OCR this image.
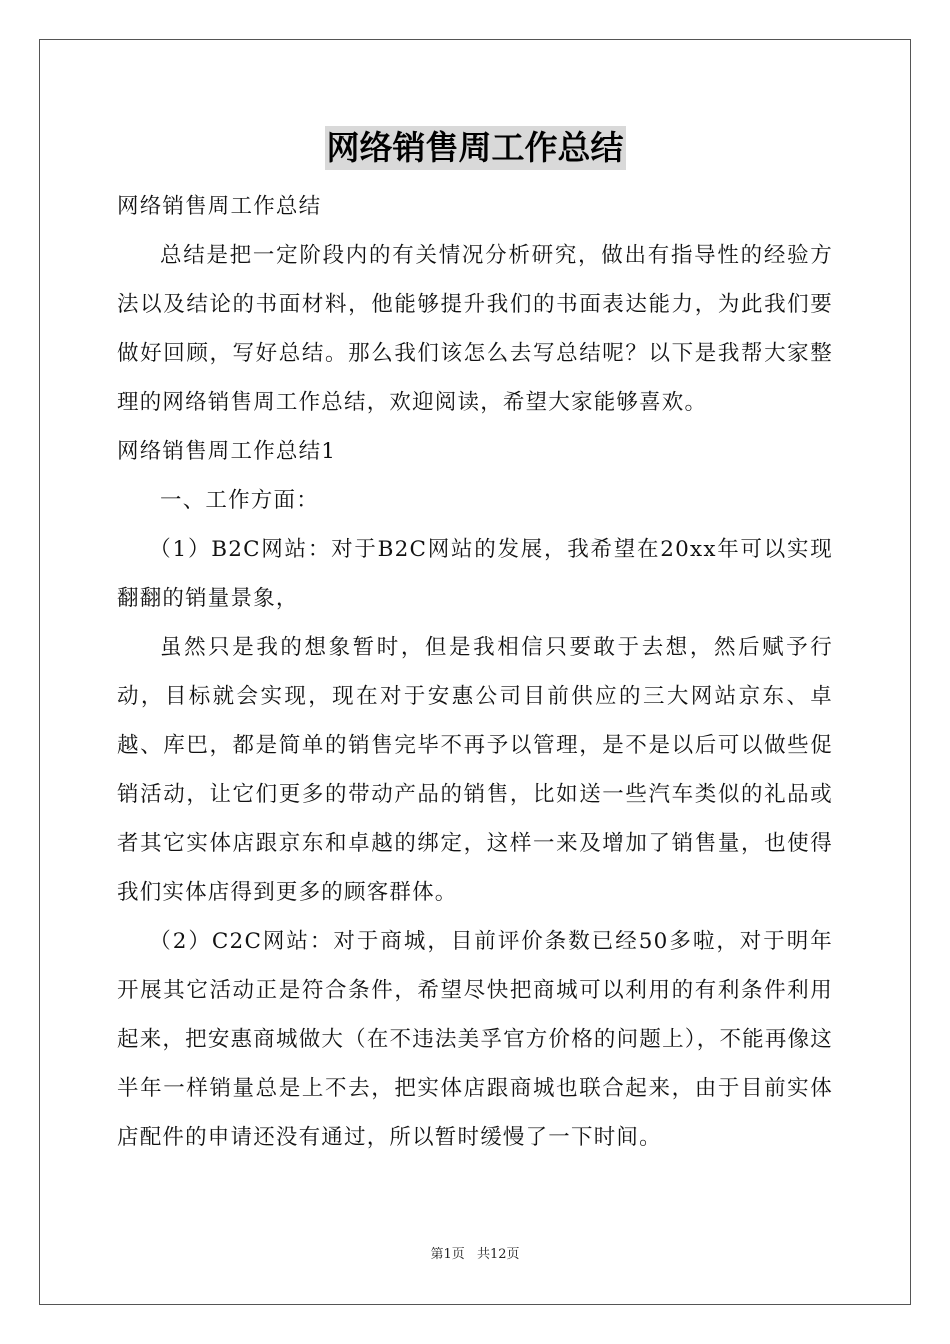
网络销售周工作总结

网络销售周工作总结

总结是把一定阶段内的有关情况分析研究，做出有指导性的经验方法以及结论的书面材料，他能够提升我们的书面表达能力，为此我们要做好回顾，写好总结。那么我们该怎么去写总结呢？以下是我帮大家整理的网络销售周工作总结，欢迎阅读，希望大家能够喜欢。

网络销售周工作总结1

一、工作方面：

（1）B2C网站：对于B2C网站的发展，我希望在20xx年可以实现翻翻的销量景象，

虽然只是我的想象暂时，但是我相信只要敢于去想，然后赋予行动，目标就会实现，现在对于安惠公司目前供应的三大网站京东、卓越、库巴，都是简单的销售完毕不再予以管理，是不是以后可以做些促销活动，让它们更多的带动产品的销售，比如送一些汽车类似的礼品或者其它实体店跟京东和卓越的绑定，这样一来及增加了销售量，也使得我们实体店得到更多的顾客群体。

（2）C2C网站：对于商城，目前评价条数已经50多啦，对于明年开展其它活动正是符合条件，希望尽快把商城可以利用的有利条件利用起来，把安惠商城做大（在不违法美孚官方价格的问题上），不能再像这半年一样销量总是上不去，把实体店跟商城也联合起来，由于目前实体店配件的申请还没有通过，所以暂时缓慢了一下时间。

第1页 共12页
